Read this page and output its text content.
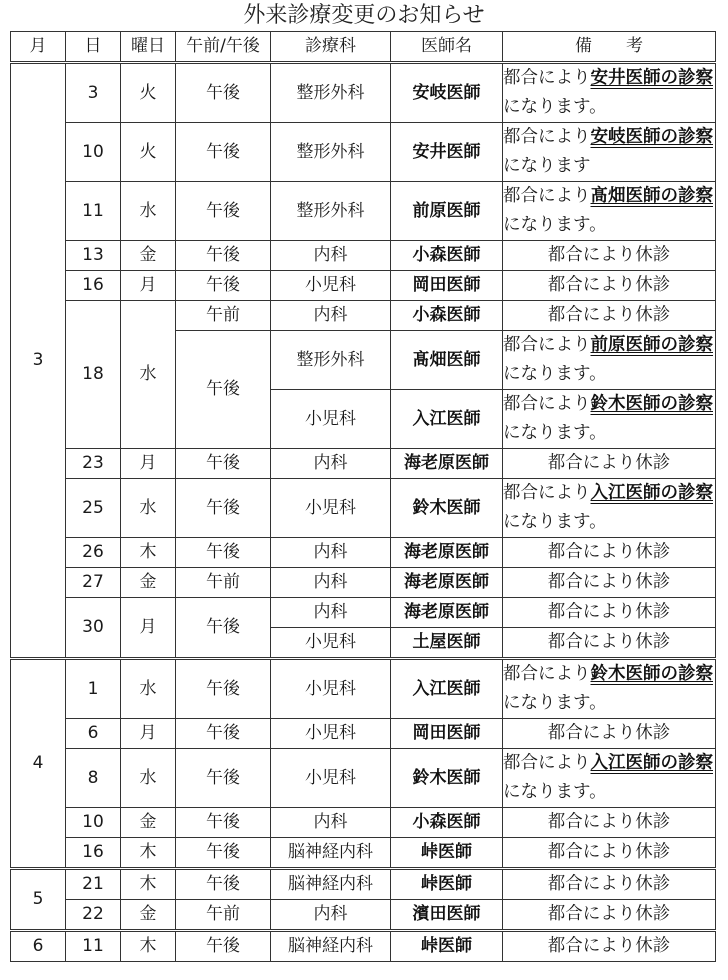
外来診療変更のお知らせ
月	日	曜日	午前/午後	診療科	医師名	備　　考
3	3	火	午後	整形外科	安岐医師	都合により安井医師の診察になります。
	10	火	午後	整形外科	安井医師	都合により安岐医師の診察になります
	11	水	午後	整形外科	前原医師	都合により髙畑医師の診察になります。
	13	金	午後	内科	小森医師	都合により休診
	16	月	午後	小児科	岡田医師	都合により休診
	18	水	午前	内科	小森医師	都合により休診
			午後	整形外科	髙畑医師	都合により前原医師の診察になります。
				小児科	入江医師	都合により鈴木医師の診察になります。
	23	月	午後	内科	海老原医師	都合により休診
	25	水	午後	小児科	鈴木医師	都合により入江医師の診察になります。
	26	木	午後	内科	海老原医師	都合により休診
	27	金	午前	内科	海老原医師	都合により休診
	30	月	午後	内科	海老原医師	都合により休診
				小児科	土屋医師	都合により休診
4	1	水	午後	小児科	入江医師	都合により鈴木医師の診察になります。
	6	月	午後	小児科	岡田医師	都合により休診
	8	水	午後	小児科	鈴木医師	都合により入江医師の診察になります。
	10	金	午後	内科	小森医師	都合により休診
	16	木	午後	脳神経内科	峠医師	都合により休診
5	21	木	午後	脳神経内科	峠医師	都合により休診
	22	金	午前	内科	濱田医師	都合により休診
6	11	木	午後	脳神経内科	峠医師	都合により休診
